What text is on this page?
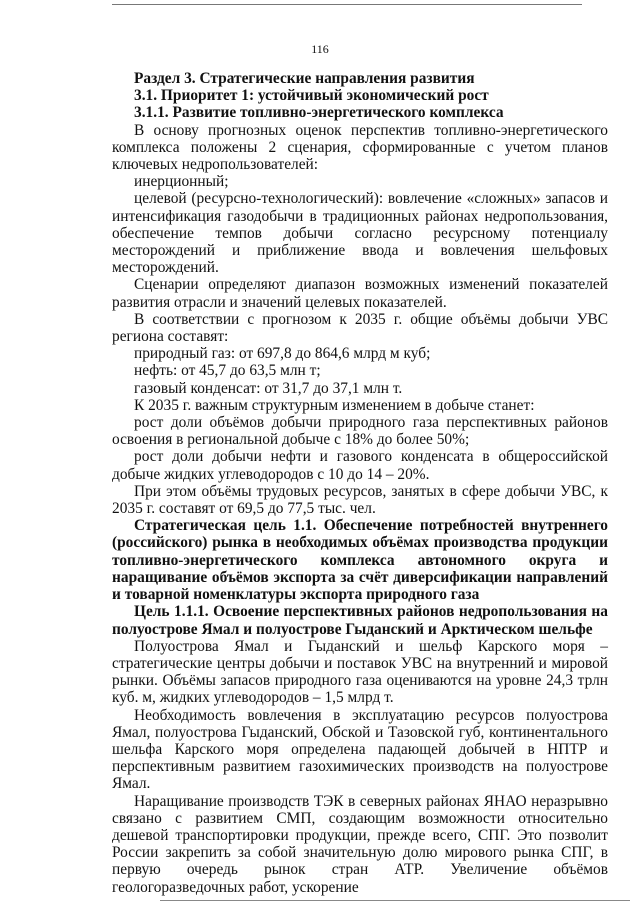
116

Раздел 3. Стратегические направления развития

3.1. Приоритет 1: устойчивый экономический рост

3.1.1. Развитие топливно-энергетического комплекса

В основу прогнозных оценок перспектив топливно-энергетического комплекса положены 2 сценария, сформированные с учетом планов ключевых недропользователей:

инерционный;

целевой (ресурсно-технологический): вовлечение «сложных» запасов и интенсификация газодобычи в традиционных районах недропользования, обеспечение темпов добычи согласно ресурсному потенциалу месторождений и приближение ввода и вовлечения шельфовых месторождений.

Сценарии определяют диапазон возможных изменений показателей развития отрасли и значений целевых показателей.

В соответствии с прогнозом к 2035 г. общие объёмы добычи УВС региона составят:

природный газ: от 697,8 до 864,6 млрд м куб;

нефть: от 45,7 до 63,5 млн т;

газовый конденсат: от 31,7 до 37,1 млн т.

К 2035 г. важным структурным изменением в добыче станет:

рост доли объёмов добычи природного газа перспективных районов освоения в региональной добыче с 18% до более 50%;

рост доли добычи нефти и газового конденсата в общероссийской добыче жидких углеводородов с 10 до 14 – 20%.

При этом объёмы трудовых ресурсов, занятых в сфере добычи УВС, к 2035 г. составят от 69,5 до 77,5 тыс. чел.

Стратегическая цель 1.1. Обеспечение потребностей внутреннего (российского) рынка в необходимых объёмах производства продукции топливно-энергетического комплекса автономного округа и наращивание объёмов экспорта за счёт диверсификации направлений и товарной номенклатуры экспорта природного газа

Цель 1.1.1. Освоение перспективных районов недропользования на полуострове Ямал и полуострове Гыданский и Арктическом шельфе

Полуострова Ямал и Гыданский и шельф Карского моря – стратегические центры добычи и поставок УВС на внутренний и мировой рынки. Объёмы запасов природного газа оцениваются на уровне 24,3 трлн куб. м, жидких углеводородов – 1,5 млрд т.

Необходимость вовлечения в эксплуатацию ресурсов полуострова Ямал, полуострова Гыданский, Обской и Тазовской губ, континентального шельфа Карского моря определена падающей добычей в НПТР и перспективным развитием газохимических производств на полуострове Ямал.

Наращивание производств ТЭК в северных районах ЯНАО неразрывно связано с развитием СМП, создающим возможности относительно дешевой транспортировки продукции, прежде всего, СПГ. Это позволит России закрепить за собой значительную долю мирового рынка СПГ, в первую очередь рынок стран АТР. Увеличение объёмов геологоразведочных работ, ускорение
